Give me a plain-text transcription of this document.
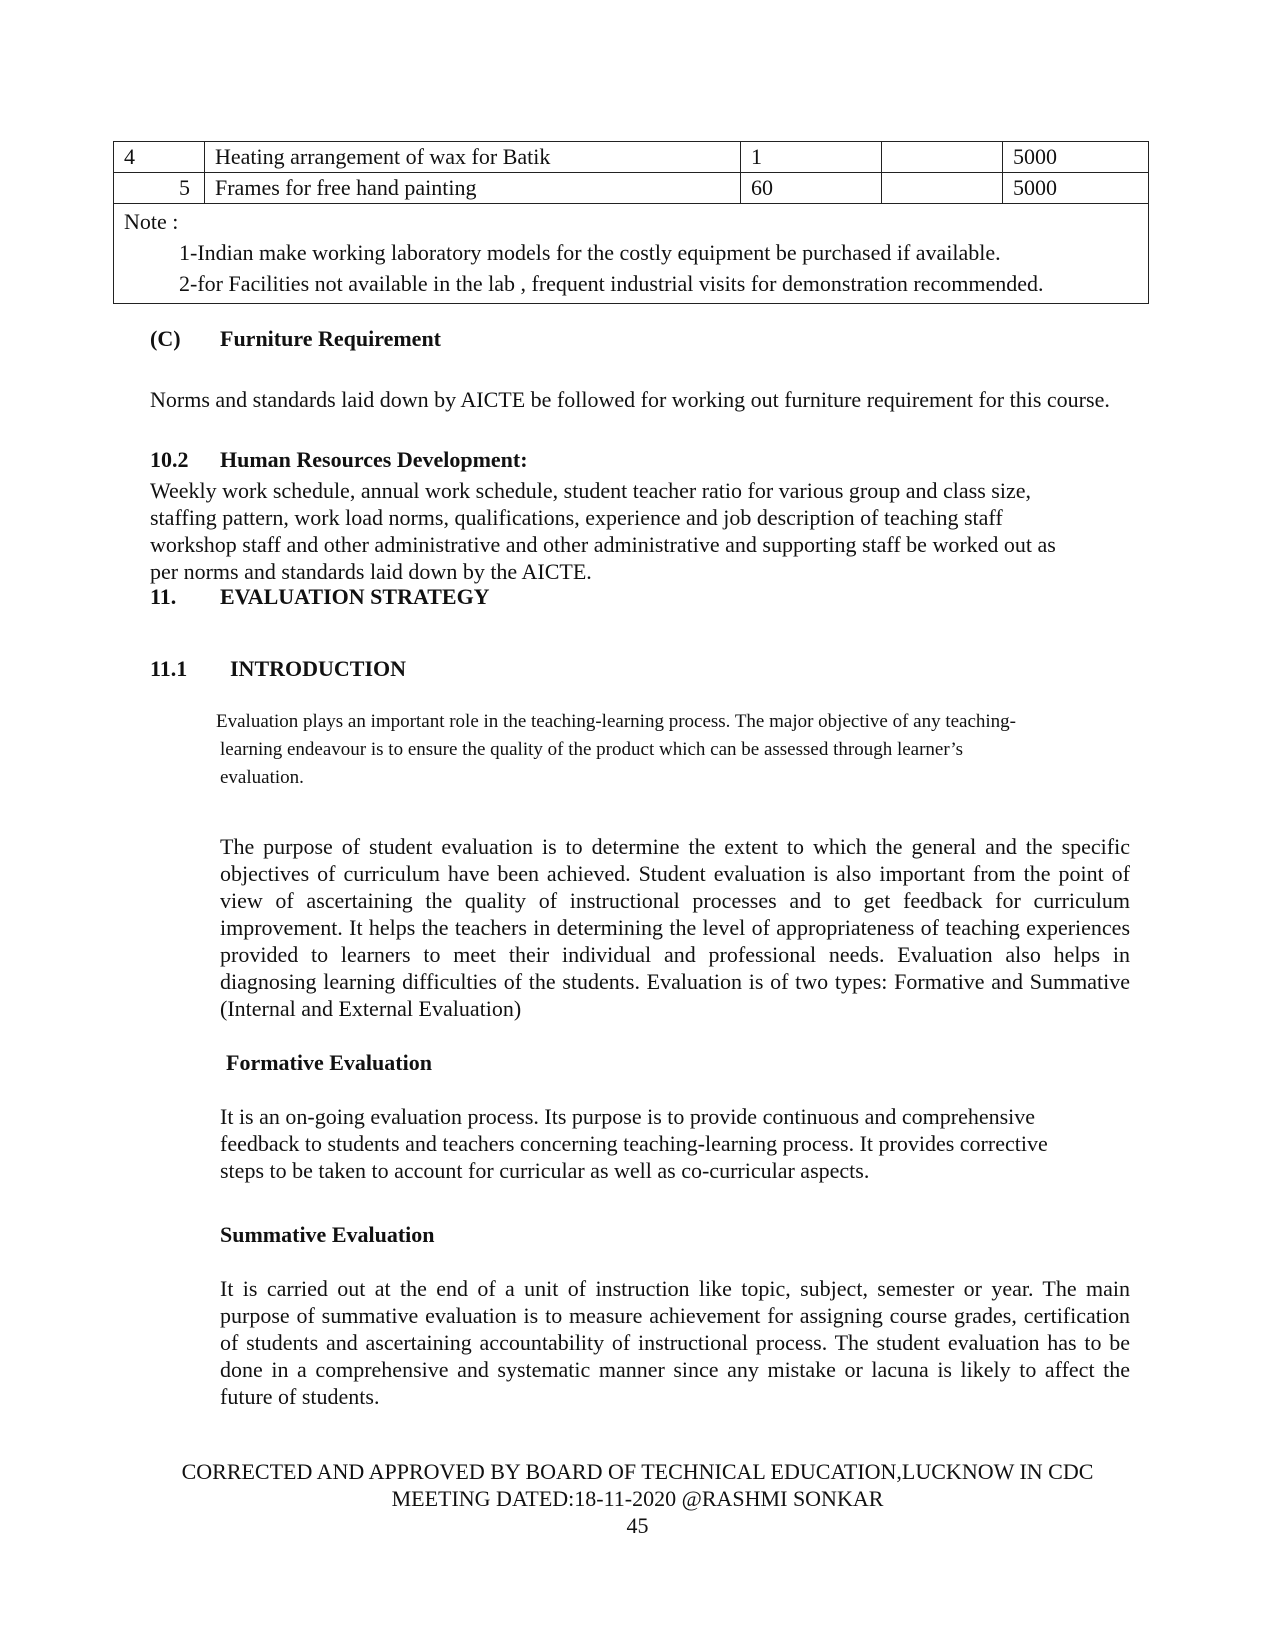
4	Heating arrangement of wax for Batik	1		5000
5	Frames for free hand painting	60		5000

Note :
1-Indian make working laboratory models for the costly equipment be purchased if available.
2-for Facilities not available in the lab , frequent industrial visits for demonstration recommended.				
(C) Furniture Requirement
Norms and standards laid down by AICTE be followed for working out furniture requirement for this course.
10.2 Human Resources Development:
Weekly work schedule, annual work schedule, student teacher ratio for various group and class size,
staffing pattern, work load norms, qualifications, experience and job description of teaching staff
workshop staff and other administrative and other administrative and supporting staff be worked out as
per norms and standards laid down by the AICTE.
11. EVALUATION STRATEGY
11.1 INTRODUCTION
Evaluation plays an important role in the teaching-learning process. The major objective of any teaching-
learning endeavour is to ensure the quality of the product which can be assessed through learner’s
evaluation.
The purpose of student evaluation is to determine the extent to which the general and the specific objectives of curriculum have been achieved. Student evaluation is also important from the point of view of ascertaining the quality of instructional processes and to get feedback for curriculum improvement. It helps the teachers in determining the level of appropriateness of teaching experiences provided to learners to meet their individual and professional needs. Evaluation also helps in diagnosing learning difficulties of the students. Evaluation is of two types: Formative and Summative (Internal and External Evaluation)
Formative Evaluation
It is an on-going evaluation process. Its purpose is to provide continuous and comprehensive
feedback to students and teachers concerning teaching-learning process. It provides corrective
steps to be taken to account for curricular as well as co-curricular aspects.
Summative Evaluation
It is carried out at the end of a unit of instruction like topic, subject, semester or year. The main purpose of summative evaluation is to measure achievement for assigning course grades, certification of students and ascertaining accountability of instructional process. The student evaluation has to be done in a comprehensive and systematic manner since any mistake or lacuna is likely to affect the future of students.
CORRECTED AND APPROVED BY BOARD OF TECHNICAL EDUCATION,LUCKNOW IN CDC
MEETING DATED:18-11-2020 @RASHMI SONKAR
45
